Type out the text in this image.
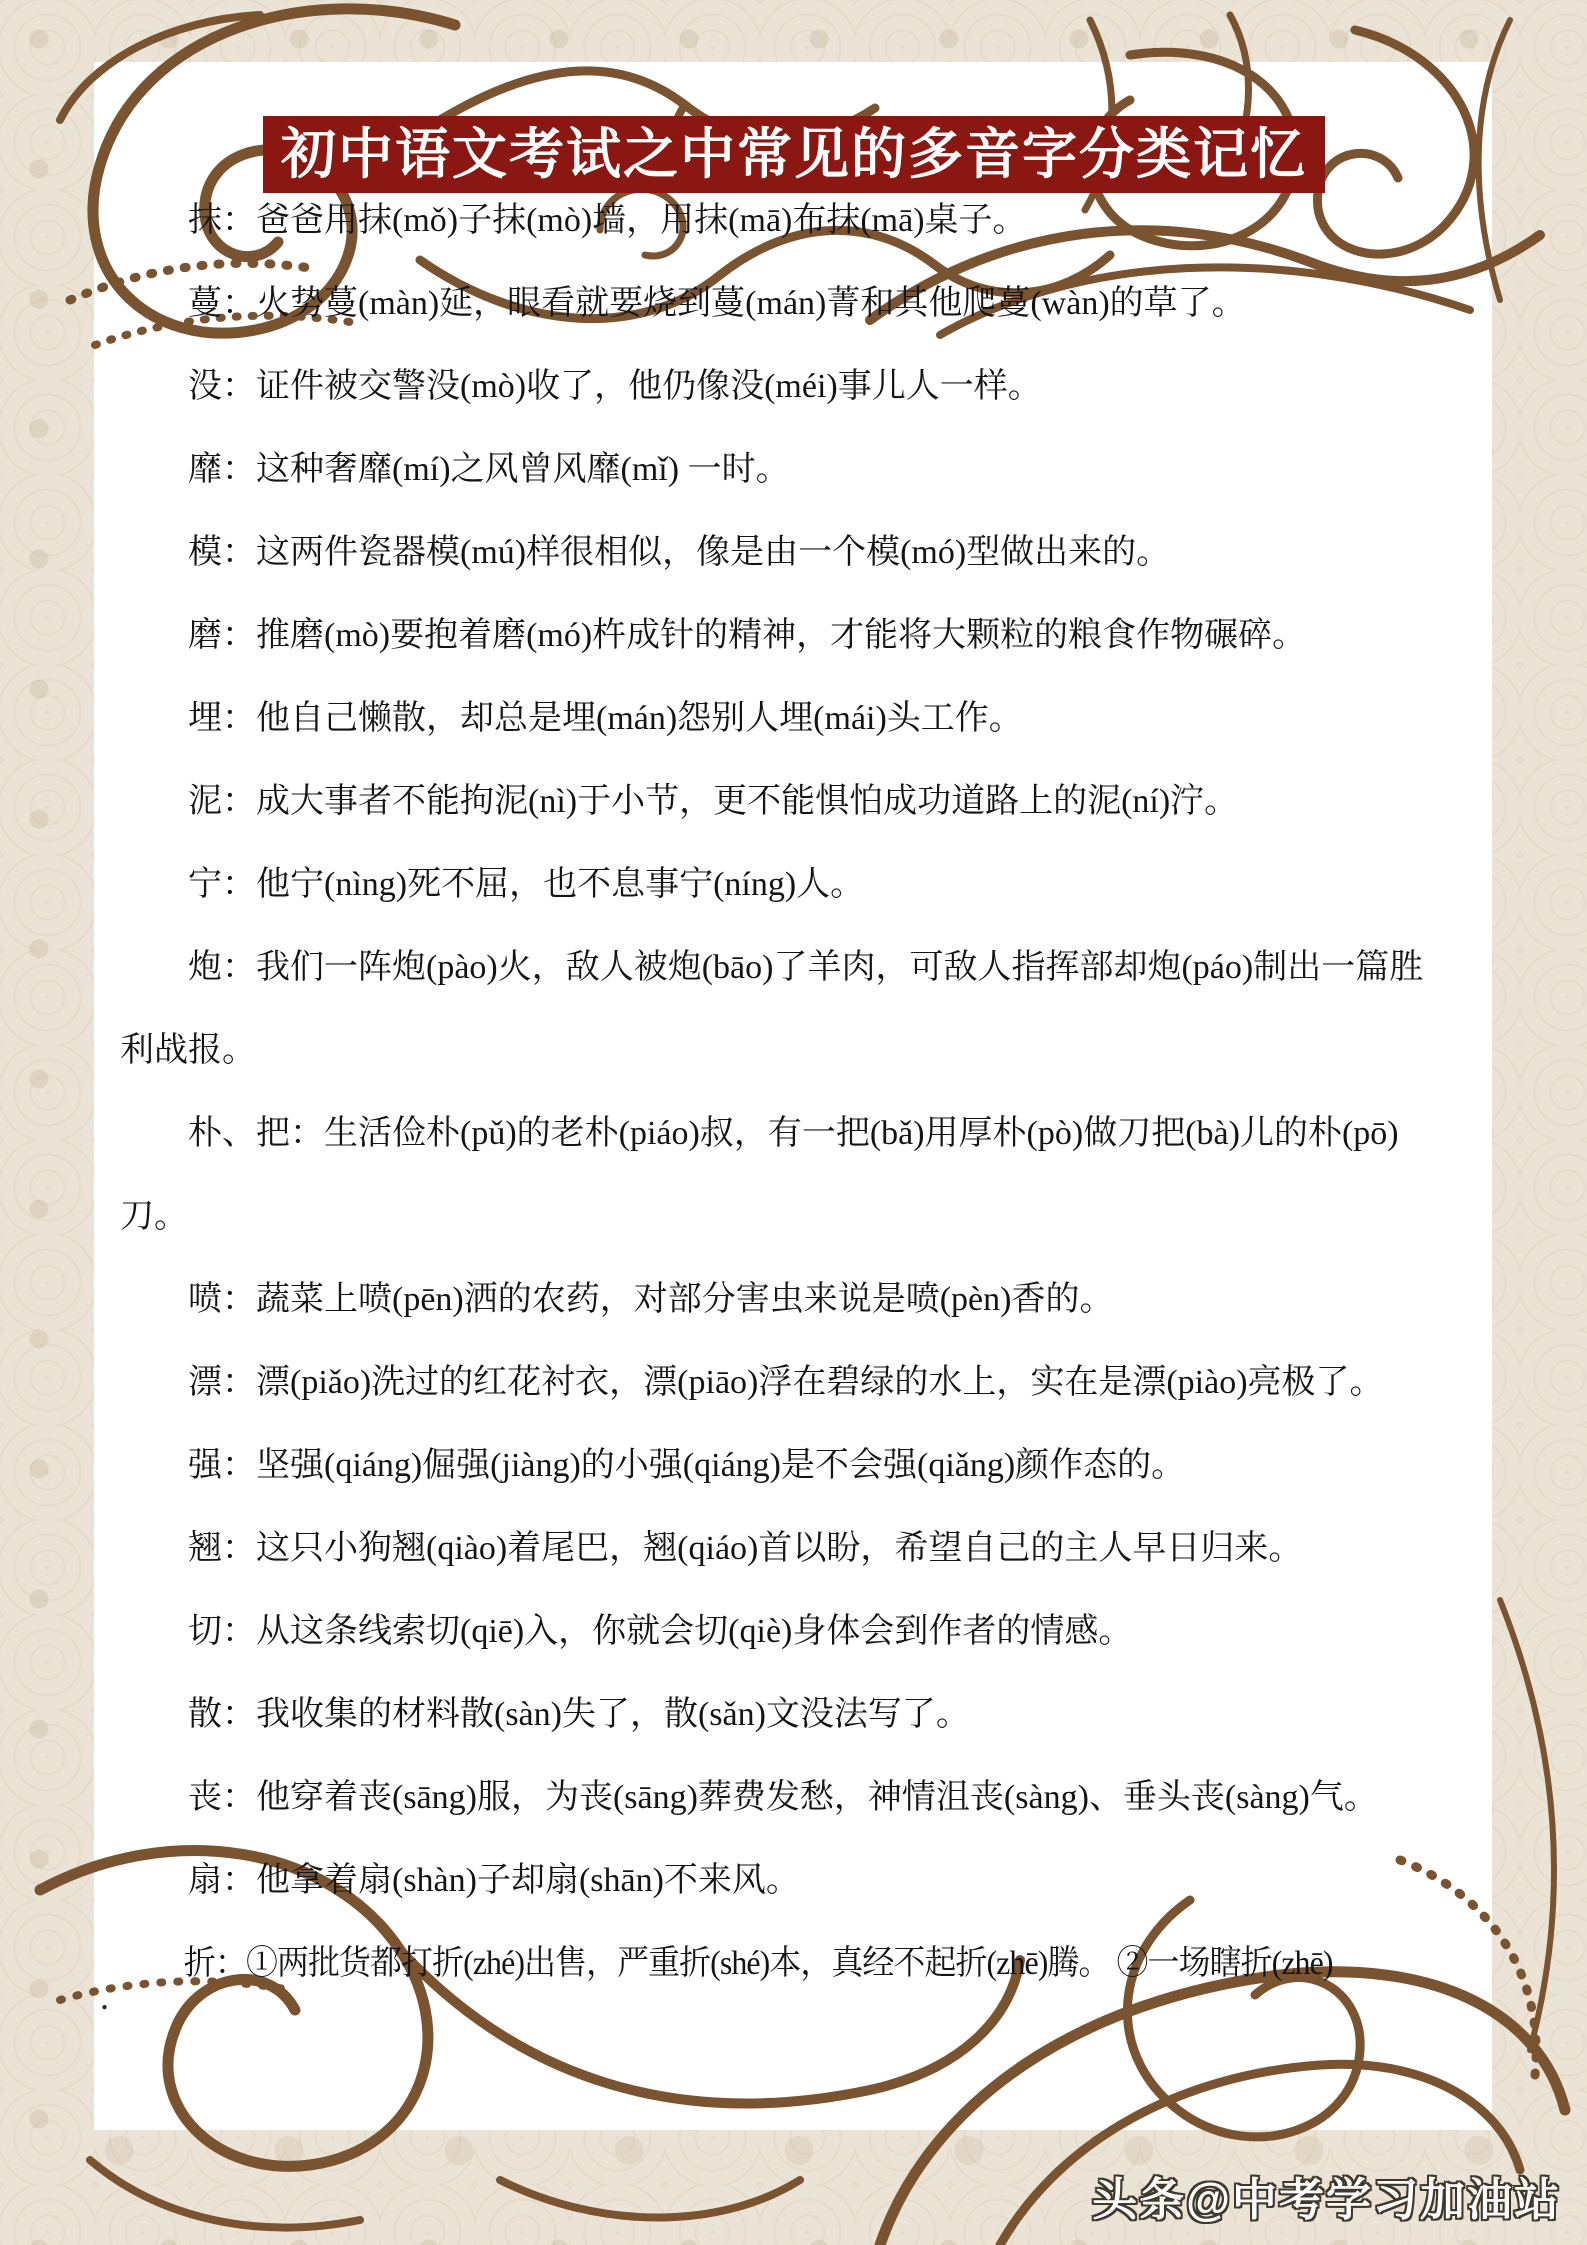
初中语文考试之中常见的多音字分类记忆

抹：爸爸用抹(mǒ)子抹(mò)墙，用抹(mā)布抹(mā)桌子。

蔓：火势蔓(màn)延，眼看就要烧到蔓(mán)菁和其他爬蔓(wàn)的草了。

没：证件被交警没(mò)收了，他仍像没(méi)事儿人一样。

靡：这种奢靡(mí)之风曾风靡(mǐ) 一时。

模：这两件瓷器模(mú)样很相似，像是由一个模(mó)型做出来的。

磨：推磨(mò)要抱着磨(mó)杵成针的精神，才能将大颗粒的粮食作物碾碎。

埋：他自己懒散，却总是埋(mán)怨别人埋(mái)头工作。

泥：成大事者不能拘泥(nì)于小节，更不能惧怕成功道路上的泥(ní)泞。

宁：他宁(nìng)死不屈，也不息事宁(níng)人。

炮：我们一阵炮(pào)火，敌人被炮(bāo)了羊肉，可敌人指挥部却炮(páo)制出一篇胜

利战报。

朴、把：生活俭朴(pǔ)的老朴(piáo)叔，有一把(bǎ)用厚朴(pò)做刀把(bà)儿的朴(pō)

刀。

喷：蔬菜上喷(pēn)洒的农药，对部分害虫来说是喷(pèn)香的。

漂：漂(piǎo)洗过的红花衬衣，漂(piāo)浮在碧绿的水上，实在是漂(piào)亮极了。

强：坚强(qiáng)倔强(jiàng)的小强(qiáng)是不会强(qiǎng)颜作态的。

翘：这只小狗翘(qiào)着尾巴，翘(qiáo)首以盼，希望自己的主人早日归来。

切：从这条线索切(qiē)入，你就会切(qiè)身体会到作者的情感。

散：我收集的材料散(sàn)失了，散(sǎn)文没法写了。

丧：他穿着丧(sāng)服，为丧(sāng)葬费发愁，神情沮丧(sàng)、垂头丧(sàng)气。

扇：他拿着扇(shàn)子却扇(shān)不来风。

折：①两批货都打折(zhé)出售，严重折(shé)本，真经不起折(zhē)腾。 ②一场瞎折(zhē)

.
头条@中考学习加油站
